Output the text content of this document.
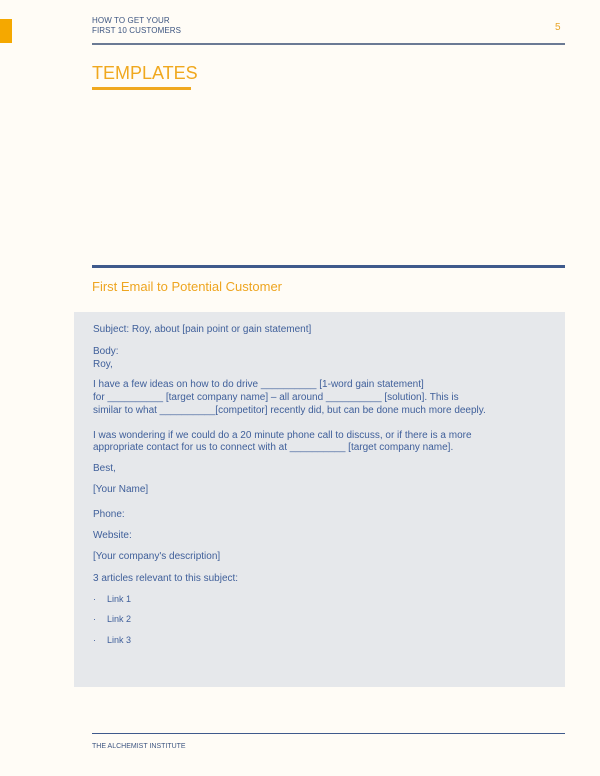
HOW TO GET YOUR
FIRST 10 CUSTOMERS	5
TEMPLATES
First Email to Potential Customer
Subject: Roy, about [pain point or gain statement]
Body:
Roy,
I have a few ideas on how to do drive __________ [1-word gain statement]
for __________ [target company name] – all around __________ [solution]. This is
similar to what __________[competitor] recently did, but can be done much more deeply.
I was wondering if we could do a 20 minute phone call to discuss, or if there is a more
appropriate contact for us to connect with at __________ [target company name].
Best,
[Your Name]
Phone:
Website:
[Your company's description]
3 articles relevant to this subject:
· Link 1
· Link 2
· Link 3
THE ALCHEMIST INSTITUTE
